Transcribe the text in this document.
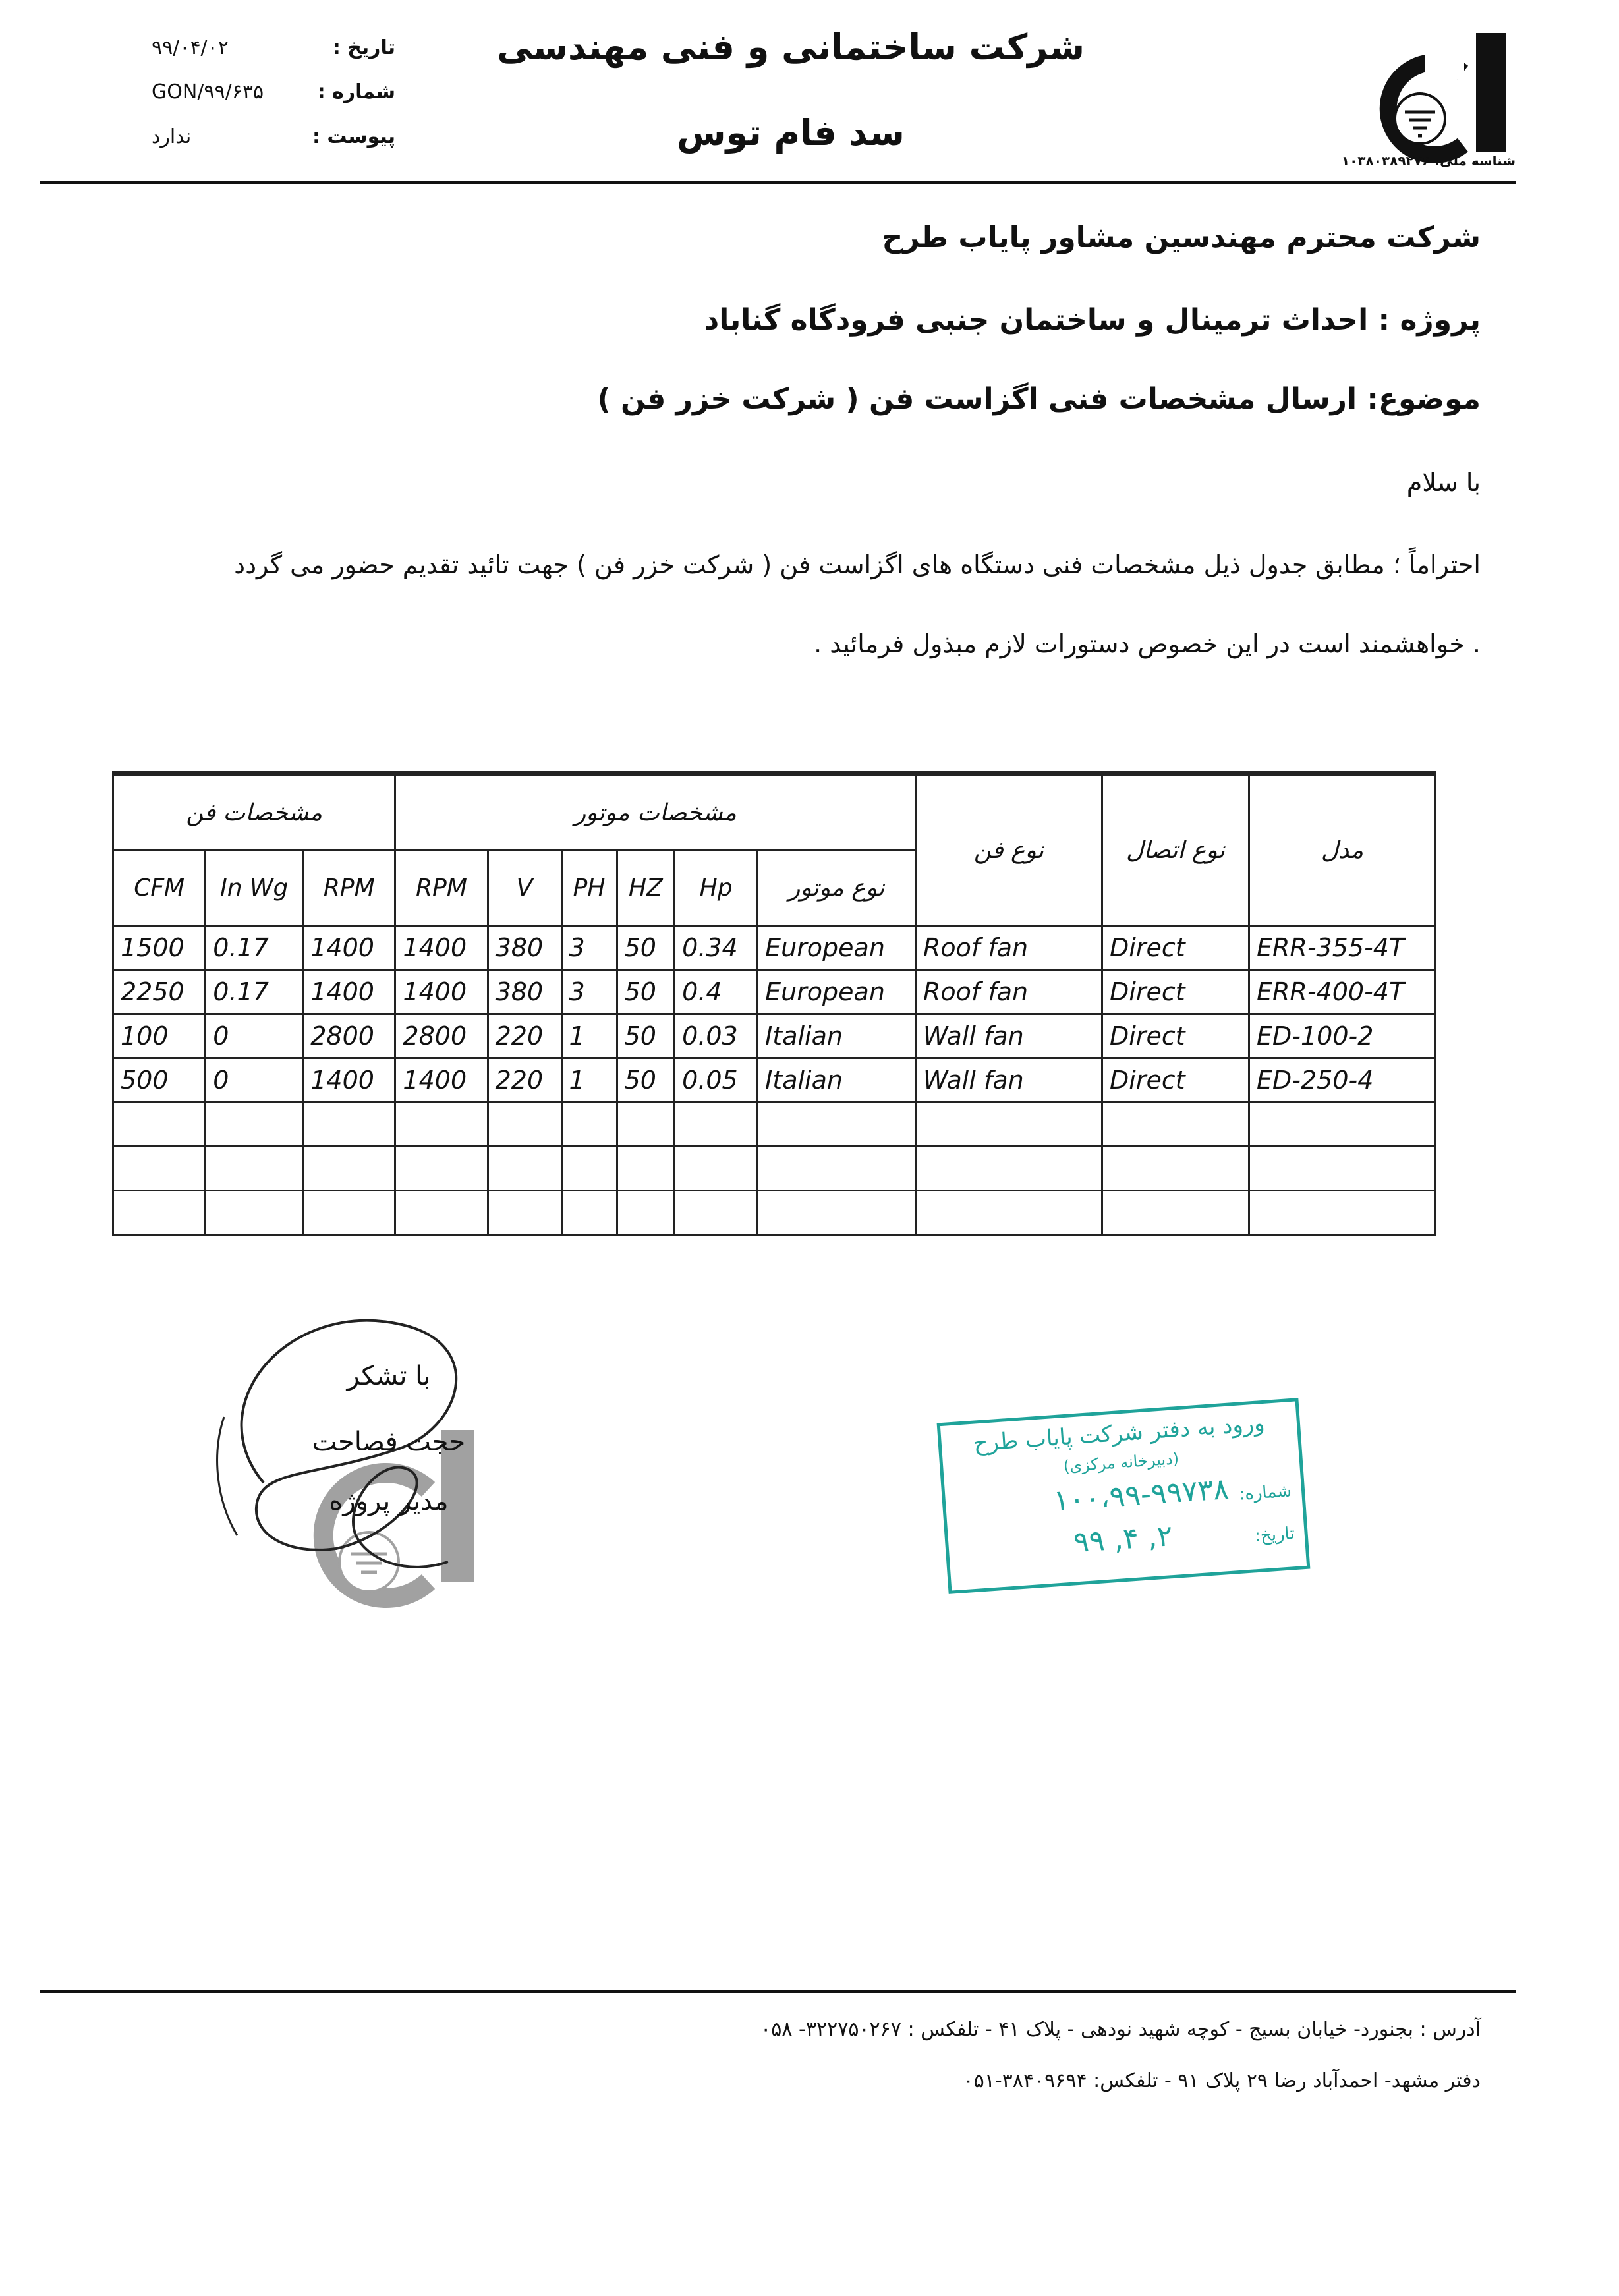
شرکت ساختمانی و فنی مهندسی
سد فام توس
تاریخ :
۹۹/۰۴/۰۲
شماره :
GON/۹۹/۶۳۵
پیوست :
ندارد
شناسه ملی: ۱۰۳۸۰۳۸۹۲۷۶
شرکت محترم مهندسین مشاور پایاب طرح
پروژه : احداث ترمینال و ساختمان جنبی فرودگاه گناباد
موضوع: ارسال مشخصات فنی اگزاست فن ( شرکت خزر فن )
با سلام
احتراماً ؛ مطابق جدول ذیل مشخصات فنی دستگاه های اگزاست فن ( شرکت خزر فن ) جهت تائید تقدیم حضور می گردد
. خواهشمند است در این خصوص دستورات لازم مبذول فرمائید .
مدل	نوع اتصال	نوع فن	مشخصات موتور						مشخصات فن		
			نوع موتور	Hp	HZ	PH	V	RPM	RPM	In Wg	CFM
ERR-355-4T	Direct	Roof fan	European	0.34	50	3	380	1400	1400	0.17	1500
ERR-400-4T	Direct	Roof fan	European	0.4	50	3	380	1400	1400	0.17	2250
ED-100-2	Direct	Wall fan	Italian	0.03	50	1	220	2800	2800	0	100
ED-250-4	Direct	Wall fan	Italian	0.05	50	1	220	1400	1400	0	500

با تشکر
حجت فصاحت
مدیر پروژه
ورود به دفتر شرکت پایاب طرح
(دبیرخانه مرکزی)
شماره:
۱۰۰،۹۹-۹۹۷۳۸
تاریخ:
۹۹ ,۴ ,۲
آدرس : بجنورد- خیابان بسیج - کوچه شهید نودهی - پلاک ۴۱ - تلفکس : ۳۲۲۷۵۰۲۶۷- ۰۵۸
دفتر مشهد- احمدآباد رضا ۲۹ پلاک ۹۱ - تلفکس: ۳۸۴۰۹۶۹۴-۰۵۱
